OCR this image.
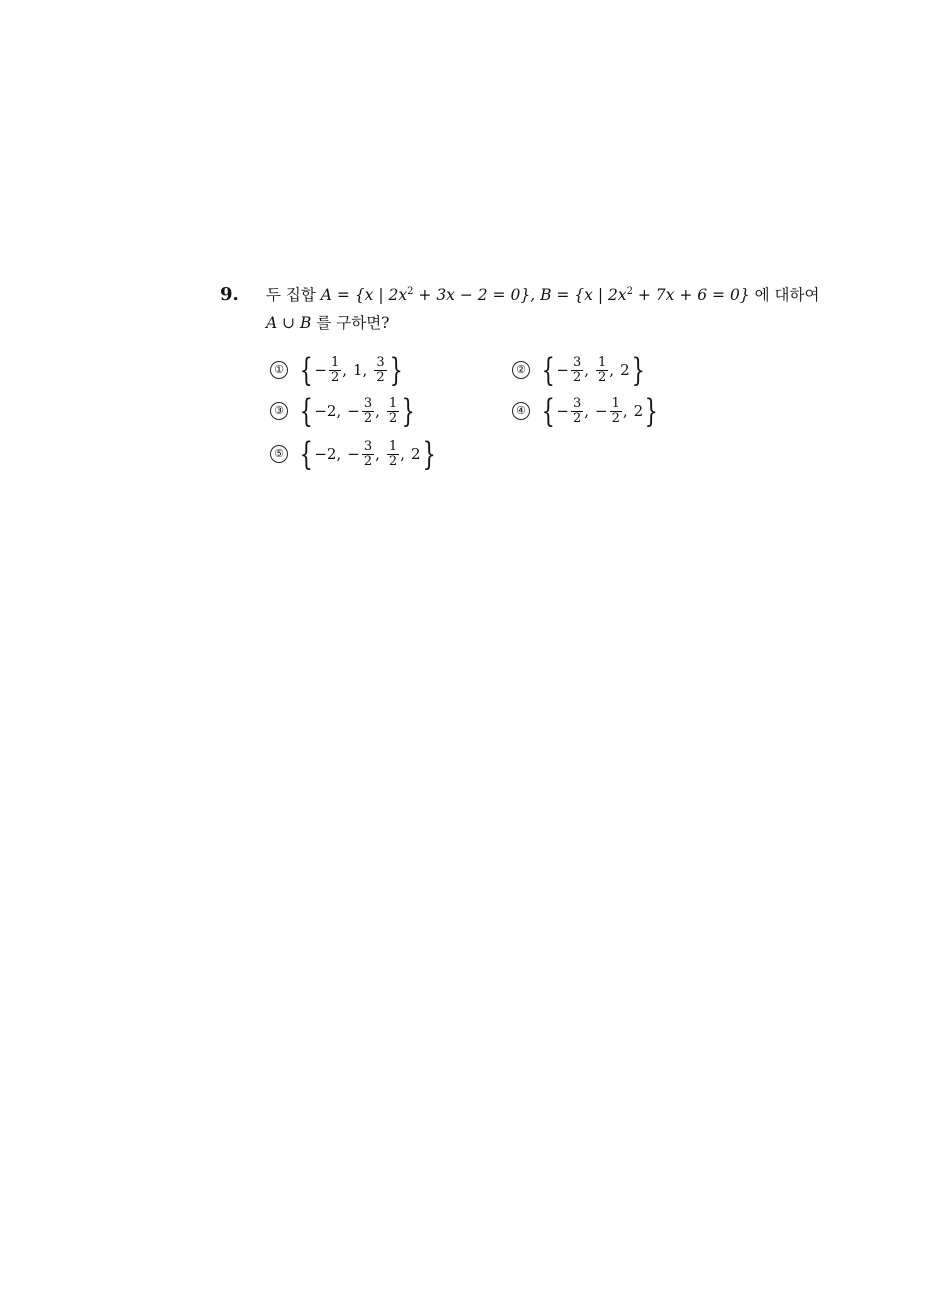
9. 두 집합 A = {x | $2x^2 + 3x - 2 = 0$}, B = {x | $2x^2 + 7x + 6 = 0$} 에 대하여
A ∪ B 를 구하면?
① { − $\frac{1}{2}$ , 1 , $\frac{3}{2}$ }	② { − $\frac{3}{2}$ , $\frac{1}{2}$ , 2 }
③ { −2 , − $\frac{3}{2}$ , $\frac{1}{2}$ }	④ { − $\frac{3}{2}$ , − $\frac{1}{2}$ , 2 }
⑤ { −2 , − $\frac{3}{2}$ , $\frac{1}{2}$ , 2 }
